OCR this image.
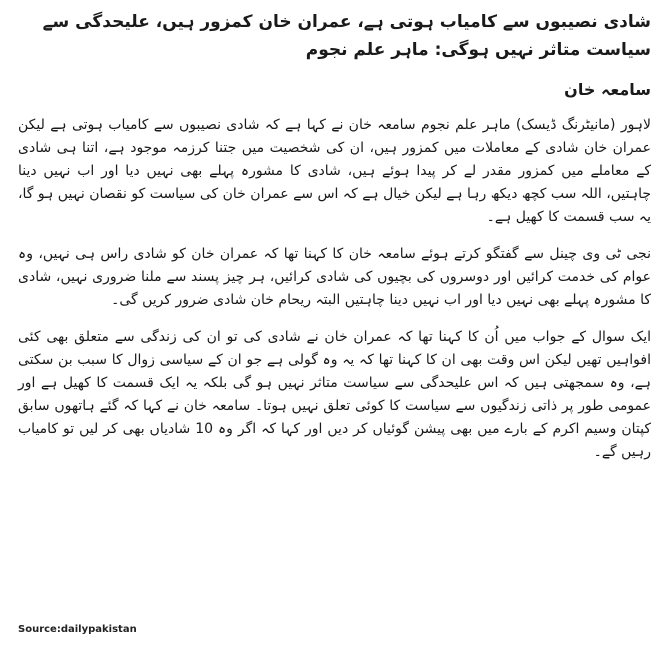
شادی نصیبوں سے کامیاب ہوتی ہے، عمران خان کمزور ہیں، علیحدگی سے سیاست متاثر نہیں ہوگی: ماہر علم نجوم
سامعہ خان

لاہور (مانیٹرنگ ڈیسک) ماہر علم نجوم سامعہ خان نے کہا ہے کہ شادی نصیبوں سے کامیاب ہوتی ہے لیکن عمران خان شادی کے معاملات میں کمزور ہیں، ان کی شخصیت میں جتنا کرزمہ موجود ہے، اتنا ہی شادی کے معاملے میں کمزور مقدر لے کر پیدا ہوئے ہیں، شادی کا مشورہ پہلے بھی نہیں دیا اور اب نہیں دینا چاہتیں، اللہ سب کچھ دیکھ رہا ہے لیکن خیال ہے کہ اس سے عمران خان کی سیاست کو نقصان نہیں ہو گا، یہ سب قسمت کا کھیل ہے۔

نجی ٹی وی چینل سے گفتگو کرتے ہوئے سامعہ خان کا کہنا تھا کہ عمران خان کو شادی راس ہی نہیں، وہ عوام کی خدمت کرائیں اور دوسروں کی بچیوں کی شادی کرائیں، ہر چیز پسند سے ملنا ضروری نہیں، شادی کا مشورہ پہلے بھی نہیں دیا اور اب نہیں دینا چاہتیں البتہ ریحام خان شادی ضرور کریں گی۔

ایک سوال کے جواب میں اُن کا کہنا تھا کہ عمران خان نے شادی کی تو ان کی زندگی سے متعلق بھی کئی افواہیں تھیں لیکن اس وقت بھی ان کا کہنا تھا کہ یہ وہ گولی ہے جو ان کے سیاسی زوال کا سبب بن سکتی ہے، وہ سمجھتی ہیں کہ اس علیحدگی سے سیاست متاثر نہیں ہو گی بلکہ یہ ایک قسمت کا کھیل ہے اور عمومی طور پر ذاتی زندگیوں سے سیاست کا کوئی تعلق نہیں ہوتا۔ سامعہ خان نے کہا کہ گئے ہاتھوں سابق کپتان وسیم اکرم کے بارے میں بھی پیشن گوئیاں کر دیں اور کہا کہ اگر وہ 10 شادیاں بھی کر لیں تو کامیاب رہیں گے۔

Source:dailypakistan
